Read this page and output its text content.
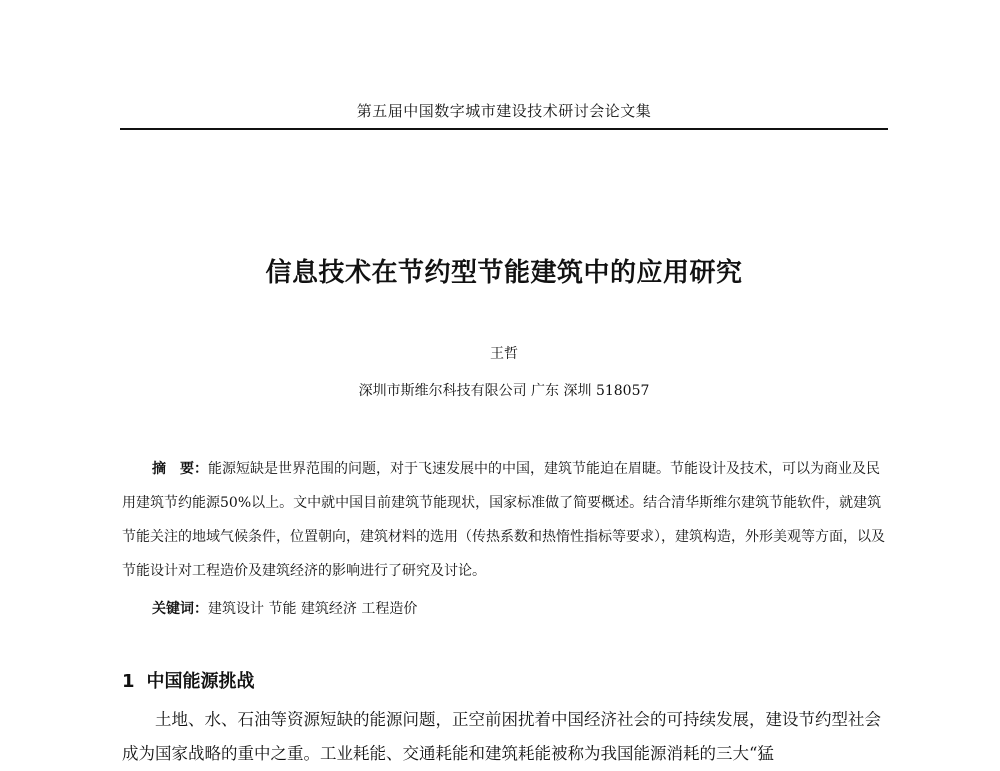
第五届中国数字城市建设技术研讨会论文集
信息技术在节约型节能建筑中的应用研究
王哲
深圳市斯维尔科技有限公司 广东 深圳 518057

摘　要：能源短缺是世界范围的问题，对于飞速发展中的中国，建筑节能迫在眉睫。节能设计及技术，可以为商业及民用建筑节约能源50%以上。文中就中国目前建筑节能现状，国家标准做了简要概述。结合清华斯维尔建筑节能软件，就建筑节能关注的地域气候条件，位置朝向，建筑材料的选用（传热系数和热惰性指标等要求），建筑构造，外形美观等方面，以及节能设计对工程造价及建筑经济的影响进行了研究及讨论。

关键词：建筑设计 节能 建筑经济 工程造价
1 中国能源挑战

土地、水、石油等资源短缺的能源问题，正空前困扰着中国经济社会的可持续发展，建设节约型社会成为国家战略的重中之重。工业耗能、交通耗能和建筑耗能被称为我国能源消耗的三大“猛
